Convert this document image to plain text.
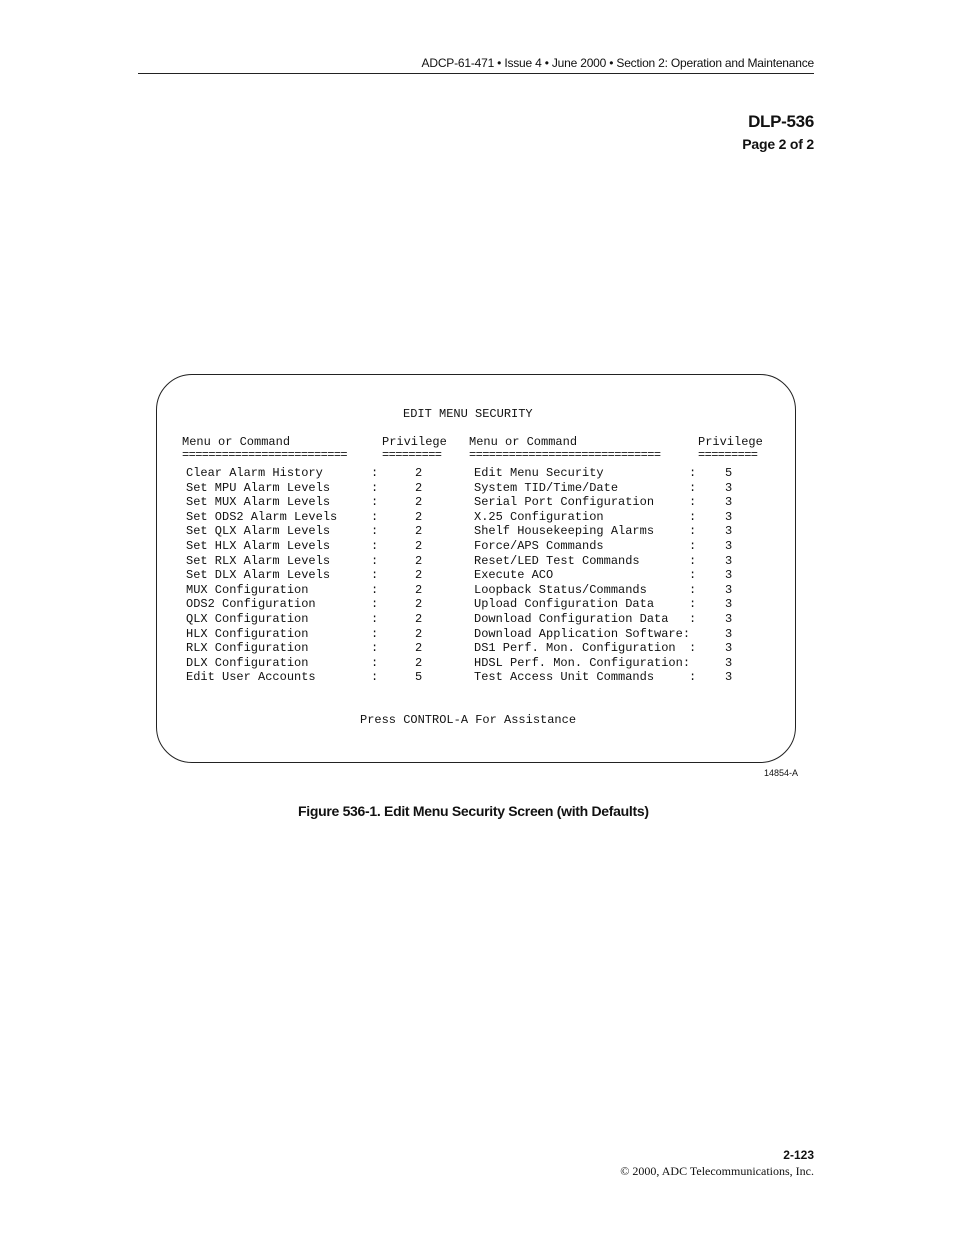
ADCP-61-471 • Issue 4 • June 2000 • Section 2: Operation and Maintenance
DLP-536
Page 2 of 2
EDIT MENU SECURITY
Menu or Command	Privilege Menu or Command	Privilege
=========================	========= =============================	=========
Clear Alarm History	:	2	Edit Menu Security	: 5
Set MPU Alarm Levels	:	2	System TID/Time/Date	: 3
Set MUX Alarm Levels	:	2	Serial Port Configuration	: 3
Set ODS2 Alarm Levels	:	2	X.25 Configuration	: 3
Set QLX Alarm Levels	:	2	Shelf Housekeeping Alarms	: 3
Set HLX Alarm Levels	:	2	Force/APS Commands	: 3
Set RLX Alarm Levels	:	2	Reset/LED Test Commands	: 3
Set DLX Alarm Levels	:	2	Execute ACO	: 3
MUX Configuration	:	2	Loopback Status/Commands	: 3
ODS2 Configuration	:	2	Upload Configuration Data	: 3
QLX Configuration	:	2	Download Configuration Data : 3
HLX Configuration	:	2	Download Application Software:	3
RLX Configuration	:	2	DS1 Perf. Mon. Configuration : 3
DLX Configuration	:	2	HDSL Perf. Mon. Configuration:	3
Edit User Accounts	:	5	Test Access Unit Commands	: 3
Press CONTROL-A For Assistance
14854-A
Figure 536-1. Edit Menu Security Screen (with Defaults)
2-123
© 2000, ADC Telecommunications, Inc.
